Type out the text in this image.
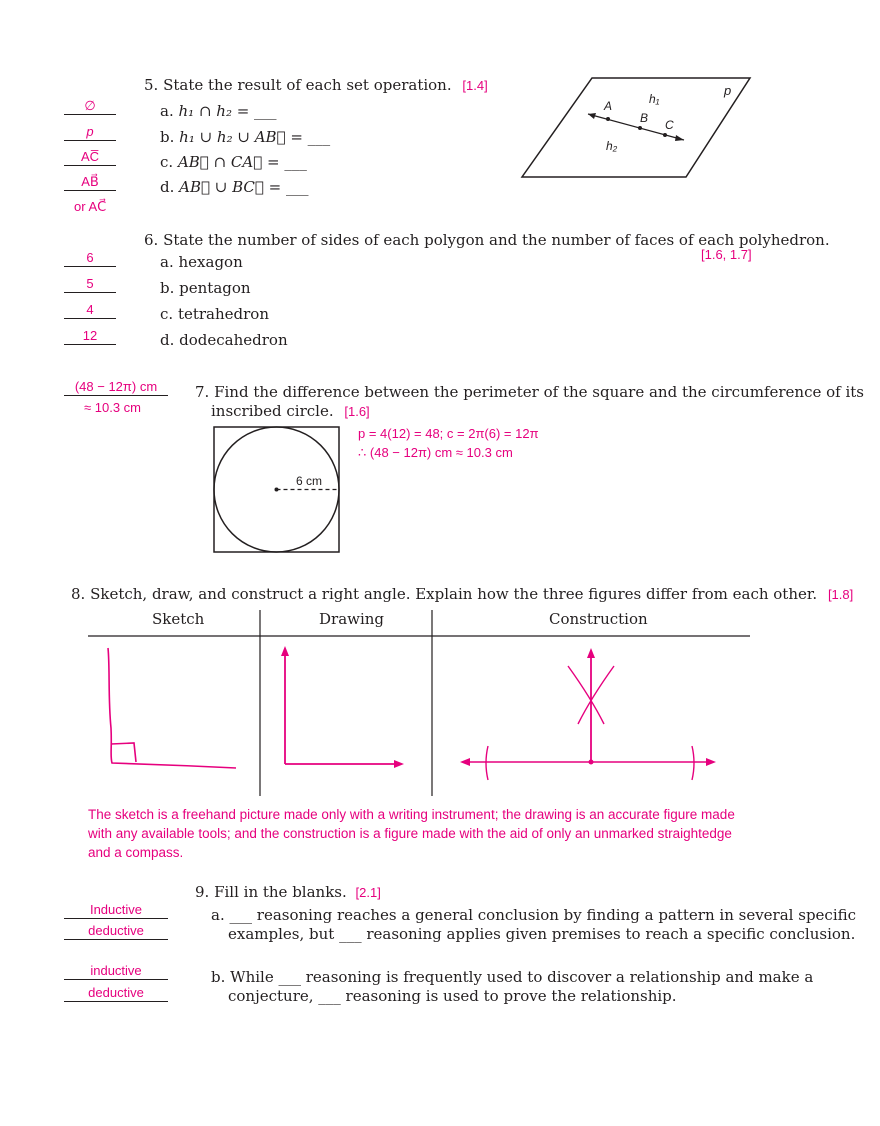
5. State the result of each set operation. [1.4]
∅
p
AC̅
AB⃗
or AC⃗
a. h₁ ∩ h₂ = ___
b. h₁ ∪ h₂ ∪ AB⃡ = ___
c. AB⃗ ∩ CA⃗ = ___
d. AB⃗ ∪ BC⃗ = ___
p
A
B C
h₁
h₂
6. State the number of sides of each polygon and the number of faces of each polyhedron.
[1.6, 1.7]
6
5
4
12
a. hexagon
b. pentagon
c. tetrahedron
d. dodecahedron
(48 − 12π) cm
≈ 10.3 cm
7. Find the difference between the perimeter of the square and the circumference of its
inscribed circle. [1.6]
p = 4(12) = 48; c = 2π(6) = 12π
∴ (48 − 12π) cm ≈ 10.3 cm
6 cm
8. Sketch, draw, and construct a right angle. Explain how the three figures differ from each other. [1.8]
Sketch	Drawing	Construction
The sketch is a freehand picture made only with a writing instrument; the drawing is an accurate figure made
with any available tools; and the construction is a figure made with the aid of only an unmarked straightedge
and a compass.
9. Fill in the blanks. [2.1]
Inductive
deductive
a. ___ reasoning reaches a general conclusion by finding a pattern in several specific
examples, but ___ reasoning applies given premises to reach a specific conclusion.
inductive
deductive
b. While ___ reasoning is frequently used to discover a relationship and make a
conjecture, ___ reasoning is used to prove the relationship.
